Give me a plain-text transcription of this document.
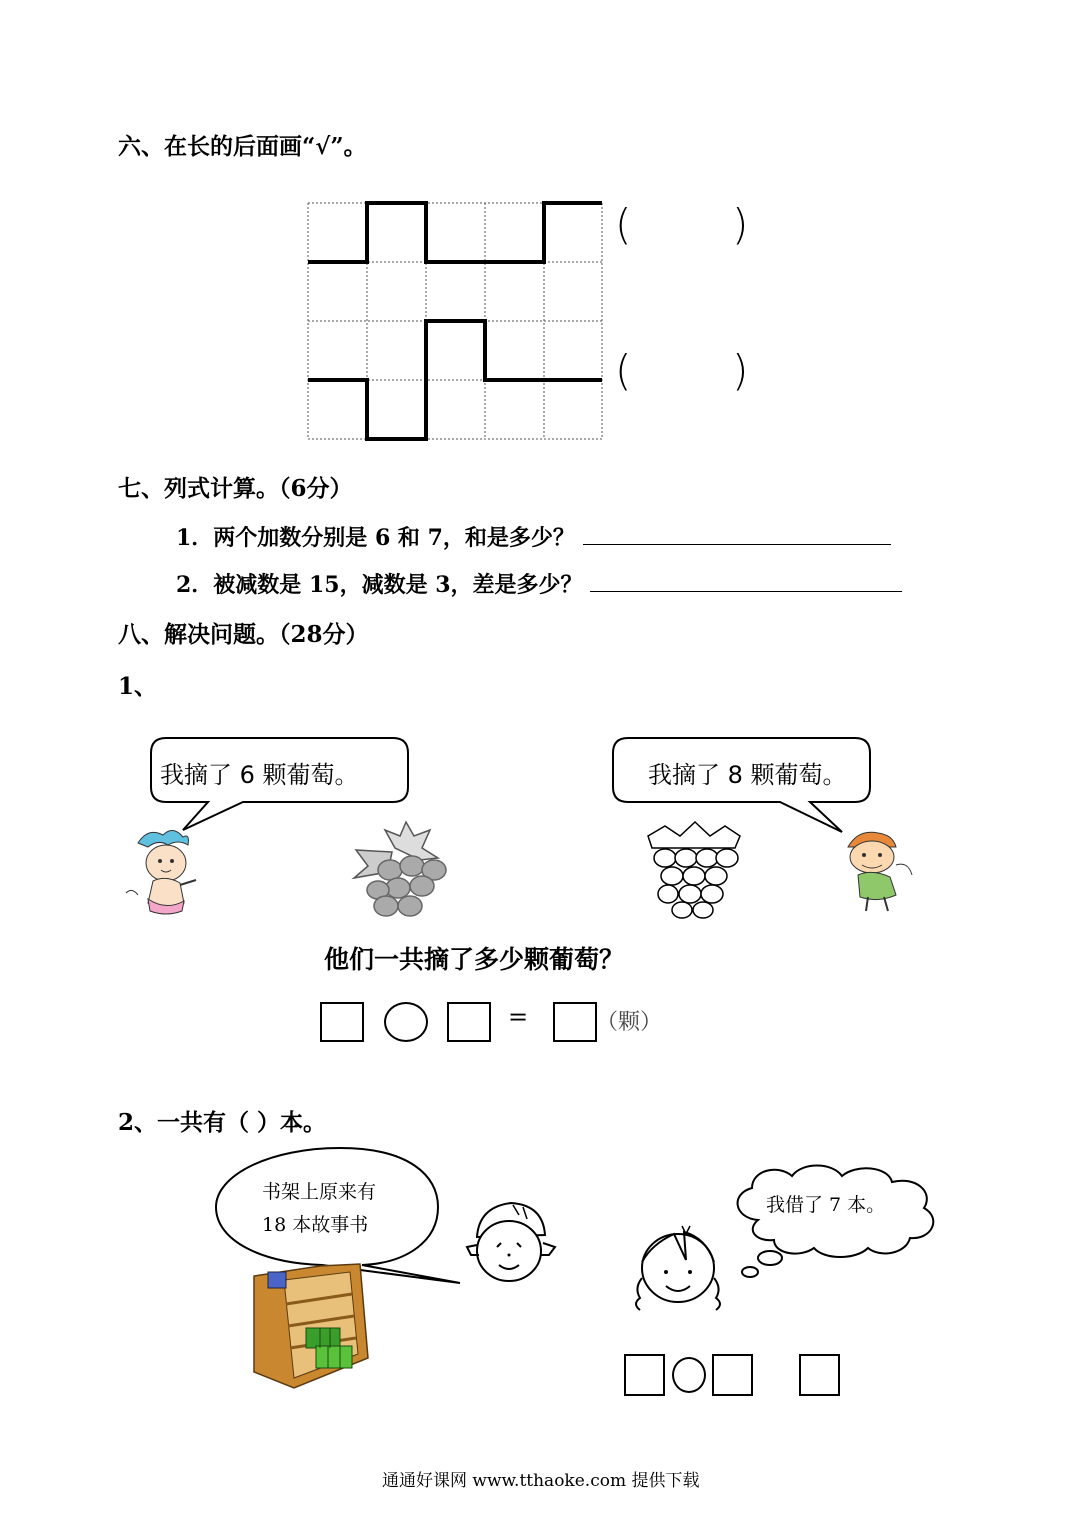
六、在长的后面画“√”。
( )
( )
七、列式计算。（6分）
1．两个加数分别是 6 和 7，和是多少？
2．被减数是 15，减数是 3，差是多少？
八、解决问题。（28分）
1、
我摘了 6 颗葡萄。	我摘了 8 颗葡萄。
他们一共摘了多少颗葡萄？
=	（颗）
2、一共有（ ）本。
书架上原来有
18 本故事书
我借了 7 本。
通通好课网 www.tthaoke.com 提供下载
